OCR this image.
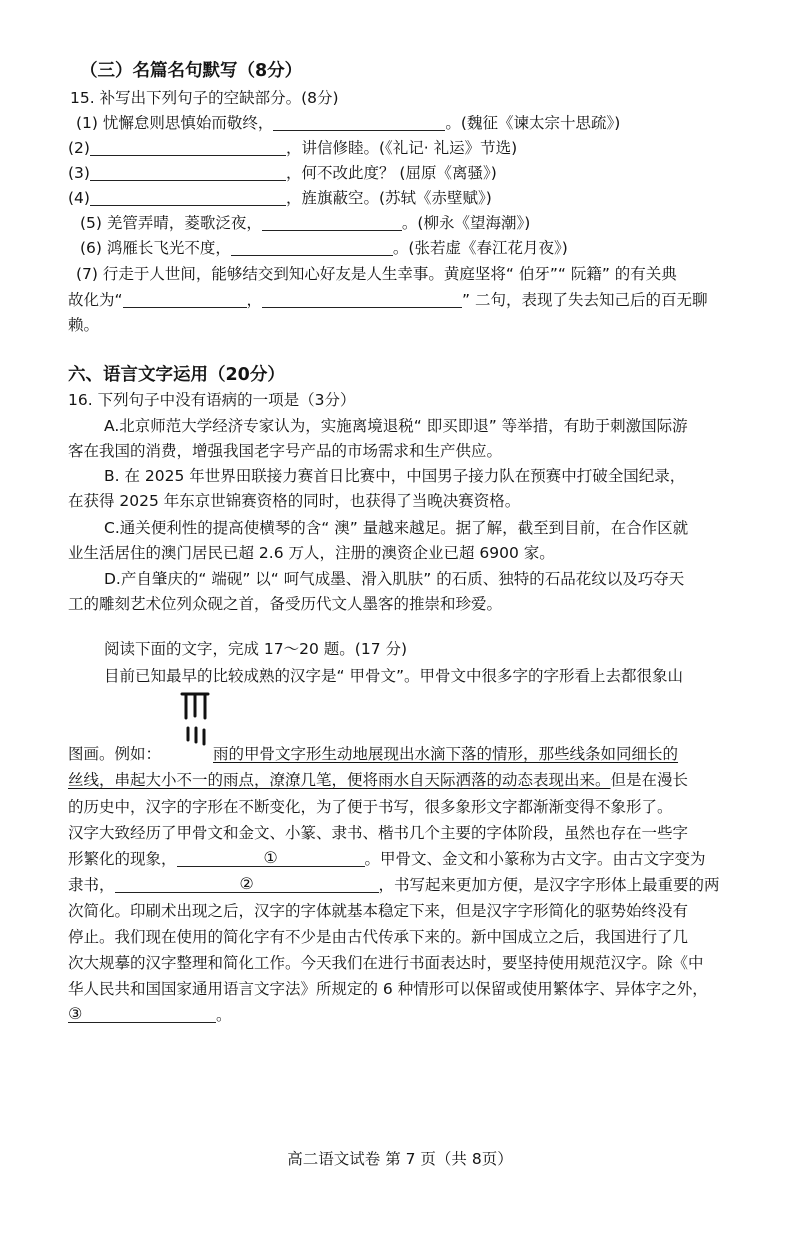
（三）名篇名句默写（8分）
15. 补写出下列句子的空缺部分。(8分)
(1) 忧懈怠则思慎始而敬终，	。(魏征《谏太宗十思疏》)
(2)	，讲信修睦。(《礼记· 礼运》节选)
(3)	，何不改此度？ (屈原《离骚》)
(4)	，旌旗蔽空。(苏轼《赤壁赋》)
(5) 羌管弄晴，菱歌泛夜，	。(柳永《望海潮》)
(6) 鸿雁长飞光不度，	。(张若虚《春江花月夜》)
(7) 行走于人世间，能够结交到知心好友是人生幸事。黄庭坚将“ 伯牙”“ 阮籍” 的有关典
故化为“	，	” 二句，表现了失去知己后的百无聊
赖。
六、语言文字运用（20分）
16. 下列句子中没有语病的一项是（3分）
A.北京师范大学经济专家认为，实施离境退税“ 即买即退” 等举措，有助于刺激国际游
客在我国的消费，增强我国老字号产品的市场需求和生产供应。
B. 在 2025 年世界田联接力赛首日比赛中，中国男子接力队在预赛中打破全国纪录，
在获得 2025 年东京世锦赛资格的同时，也获得了当晚决赛资格。
C.通关便利性的提高使横琴的含“ 澳” 量越来越足。据了解，截至到目前，在合作区就
业生活居住的澳门居民已超 2.6 万人，注册的澳资企业已超 6900 家。
D.产自肇庆的“ 端砚” 以“ 呵气成墨、滑入肌肤” 的石质、独特的石品花纹以及巧夺天
工的雕刻艺术位列众砚之首，备受历代文人墨客的推崇和珍爱。
阅读下面的文字，完成 17～20 题。(17 分)
目前已知最早的比较成熟的汉字是“ 甲骨文”。甲骨文中很多字的字形看上去都很象山
图画。例如：	雨的甲骨文字形生动地展现出水滴下落的情形，那些线条如同细长的
丝线，串起大小不一的雨点，潦潦几笔，便将雨水自天际洒落的动态表现出来。但是在漫长
的历史中，汉字的字形在不断变化，为了便于书写，很多象形文字都渐渐变得不象形了。
汉字大致经历了甲骨文和金文、小篆、隶书、楷书几个主要的字体阶段，虽然也存在一些字
形繁化的现象，	①	。甲骨文、金文和小篆称为古文字。由古文字变为
隶书，	②	，书写起来更加方便，是汉字字形体上最重要的两
次简化。印刷术出现之后，汉字的字体就基本稳定下来，但是汉字字形简化的驱势始终没有
停止。我们现在使用的简化字有不少是由古代传承下来的。新中国成立之后，我国进行了几
次大规摹的汉字整理和简化工作。今天我们在进行书面表达时，要坚持使用规范汉字。除《中
华人民共和国国家通用语言文字法》所规定的 6 种情形可以保留或使用繁体字、异体字之外，
③	。
高二语文试卷 第 7 页（共 8页）
